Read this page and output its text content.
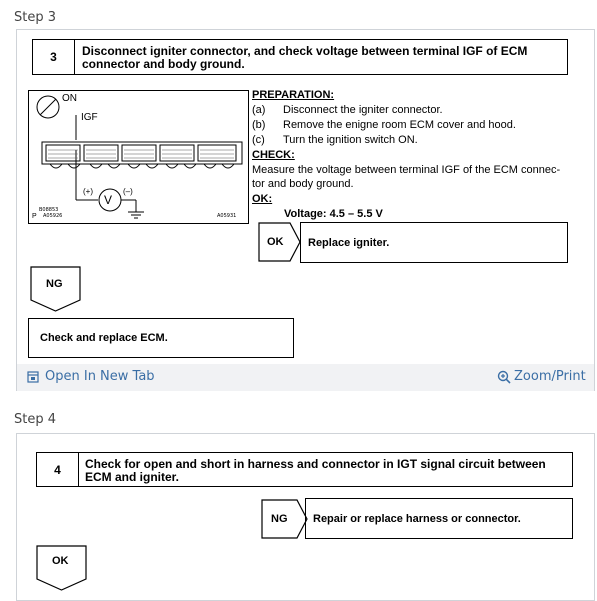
Step 3
3	Disconnect igniter connector, and check voltage between terminal IGF of ECM connector and body ground.
ON
IGF
V
(+)	(–)
B08853
A05926
P	A05931
PREPARATION:
(a) Disconnect the igniter connector.
(b) Remove the enigne room ECM cover and hood.
(c) Turn the ignition switch ON.
CHECK:
Measure the voltage between terminal IGF of the ECM connec-
tor and body ground.
OK:
Voltage: 4.5 – 5.5 V
OK Replace igniter.
NG
Check and replace ECM.
Open In New Tab	Zoom/Print
Step 4
4	Check for open and short in harness and connector in IGT signal circuit between ECM and igniter.
NG Repair or replace harness or connector.
OK
